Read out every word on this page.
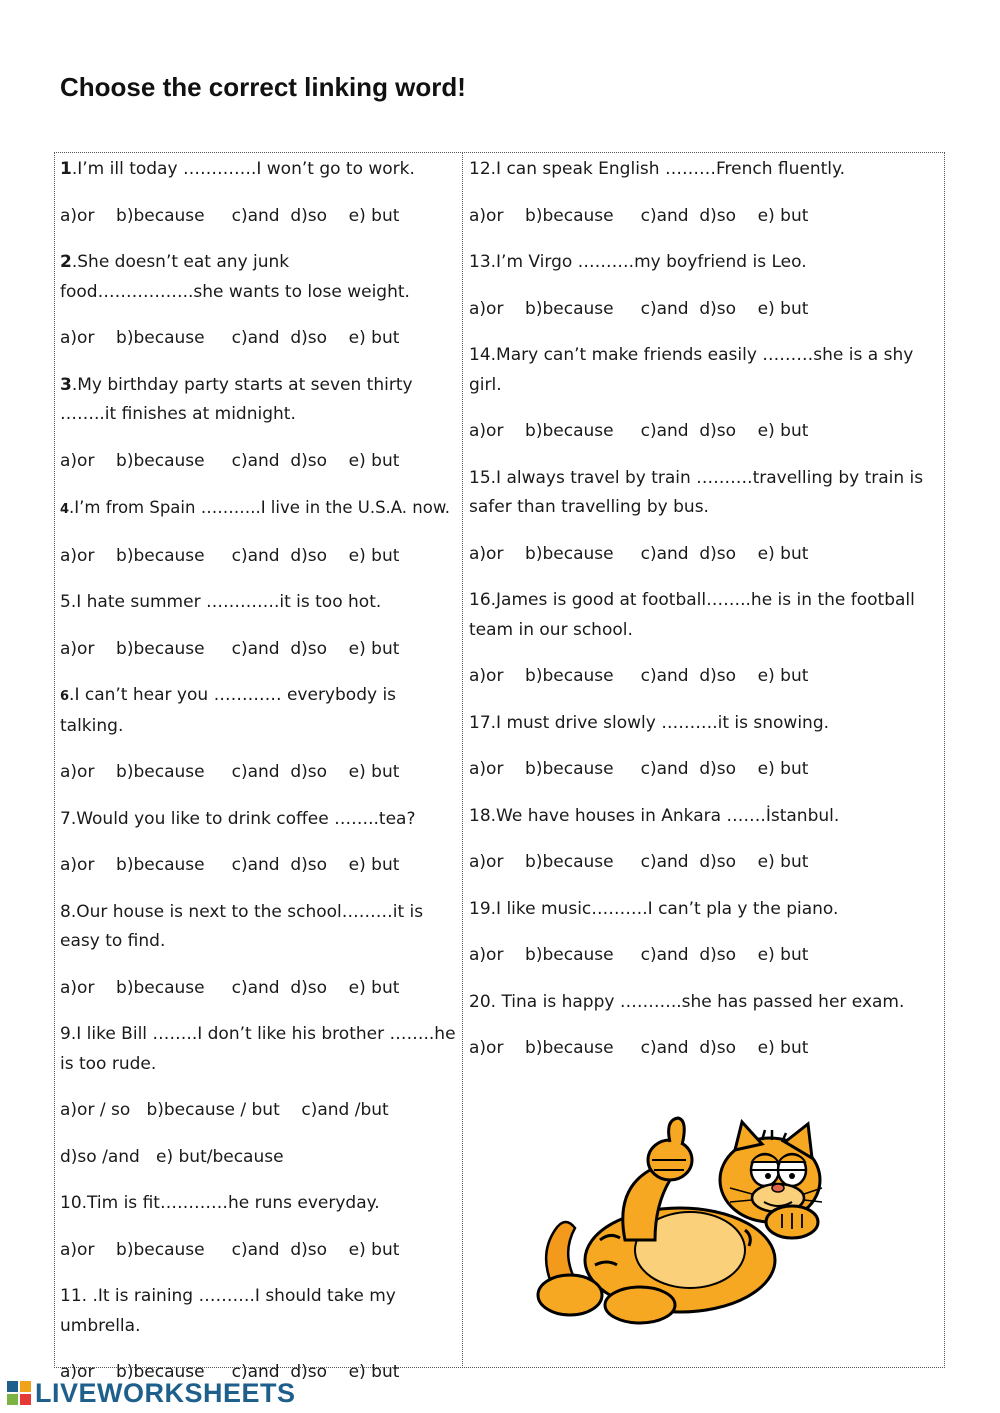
Choose the correct linking word!
1.I’m ill today ………….I won’t go to work.
a)or    b)because     c)and  d)so    e) but
2.She doesn’t eat any junk food……………..she wants to lose weight.
a)or    b)because     c)and  d)so    e) but
3.My birthday party starts at seven thirty ……..it finishes at midnight.
a)or    b)because     c)and  d)so    e) but
4.I’m from Spain ………..I live in the U.S.A. now.
a)or    b)because     c)and  d)so    e) but
5.I hate summer ………….it is too hot.
a)or    b)because     c)and  d)so    e) but
6.I can’t hear you ………… everybody is talking.
a)or    b)because     c)and  d)so    e) but
7.Would you like to drink coffee ……..tea?
a)or    b)because     c)and  d)so    e) but
8.Our house is next to the school………it is easy to find.
a)or    b)because     c)and  d)so    e) but
9.I like Bill ……..I don’t like his brother ……..he is too rude.
a)or / so   b)because / but    c)and /but
d)so /and   e) but/because
10.Tim is fit…………he runs everyday.
a)or    b)because     c)and  d)so    e) but
11. .It is raining ……….I should take my umbrella.
a)or    b)because     c)and  d)so    e) but
12.I can speak English ………French fluently.
a)or    b)because     c)and  d)so    e) but
13.I’m Virgo ……….my boyfriend is Leo.
a)or    b)because     c)and  d)so    e) but
14.Mary can’t make friends easily ………she is a shy girl.
a)or    b)because     c)and  d)so    e) but
15.I always travel by train ……….travelling by train is safer than travelling by bus.
a)or    b)because     c)and  d)so    e) but
16.James is good at football……..he is in the football team in our school.
a)or    b)because     c)and  d)so    e) but
17.I must drive slowly ……….it is snowing.
a)or    b)because     c)and  d)so    e) but
18.We have houses in Ankara …….İstanbul.
a)or    b)because     c)and  d)so    e) but
19.I like music……….I can’t pla y the piano.
a)or    b)because     c)and  d)so    e) but
20. Tina is happy ………..she has passed her exam.
a)or    b)because     c)and  d)so    e) but
LIVEWORKSHEETS
